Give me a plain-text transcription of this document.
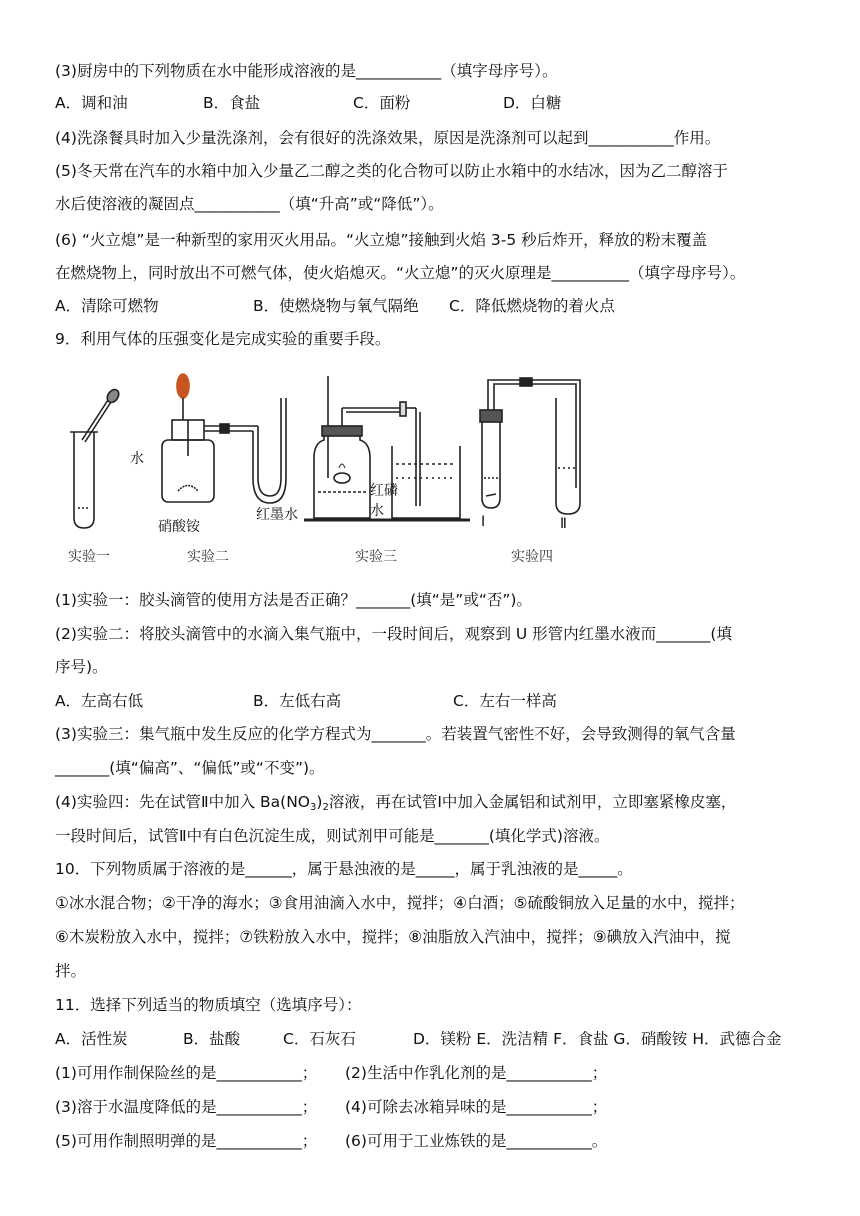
(3)厨房中的下列物质在水中能形成溶液的是___________（填字母序号）。
A．调和油	B．食盐	C．面粉	D．白糖
(4)洗涤餐具时加入少量洗涤剂，会有很好的洗涤效果，原因是洗涤剂可以起到___________作用。
(5)冬天常在汽车的水箱中加入少量乙二醇之类的化合物可以防止水箱中的水结冰，因为乙二醇溶于
水后使溶液的凝固点___________（填“升高”或“降低”）。
(6) “火立熄”是一种新型的家用灭火用品。“火立熄”接触到火焰 3-5 秒后炸开，释放的粉末覆盖
在燃烧物上，同时放出不可燃气体，使火焰熄灭。“火立熄”的灭火原理是__________（填字母序号）。
A．清除可燃物	B．使燃烧物与氧气隔绝 C．降低燃烧物的着火点
9．利用气体的压强变化是完成实验的重要手段。
水
硝酸铵
红墨水
红磷
水
Ⅰ	Ⅱ
实验一	实验二	实验三	实验四
(1)实验一：胶头滴管的使用方法是否正确？_______(填“是”或“否”)。
(2)实验二：将胶头滴管中的水滴入集气瓶中，一段时间后，观察到 U 形管内红墨水液而_______(填
序号)。
A．左高右低	B．左低右高	C．左右一样高
(3)实验三：集气瓶中发生反应的化学方程式为_______。若装置气密性不好，会导致测得的氧气含量
_______(填“偏高”、“偏低”或“不变”)。
(4)实验四：先在试管Ⅱ中加入 $Ba(NO_3)_2$溶液，再在试管Ⅰ中加入金属铝和试剂甲，立即塞紧橡皮塞，
一段时间后，试管Ⅱ中有白色沉淀生成，则试剂甲可能是_______(填化学式)溶液。
10．下列物质属于溶液的是______，属于悬浊液的是_____，属于乳浊液的是_____。
①冰水混合物；②干净的海水；③食用油滴入水中，搅拌；④白酒；⑤硫酸铜放入足量的水中，搅拌；
⑥木炭粉放入水中，搅拌；⑦铁粉放入水中，搅拌；⑧油脂放入汽油中，搅拌；⑨碘放入汽油中，搅
拌。
11．选择下列适当的物质填空（选填序号）：
A．活性炭	B．盐酸	C．石灰石	D．镁粉 E．洗洁精 F．食盐 G．硝酸铵 H．武德合金
(1)可用作制保险丝的是___________； (2)生活中作乳化剂的是___________；
(3)溶于水温度降低的是___________； (4)可除去冰箱异味的是___________；
(5)可用作制照明弹的是___________； (6)可用于工业炼铁的是___________。
